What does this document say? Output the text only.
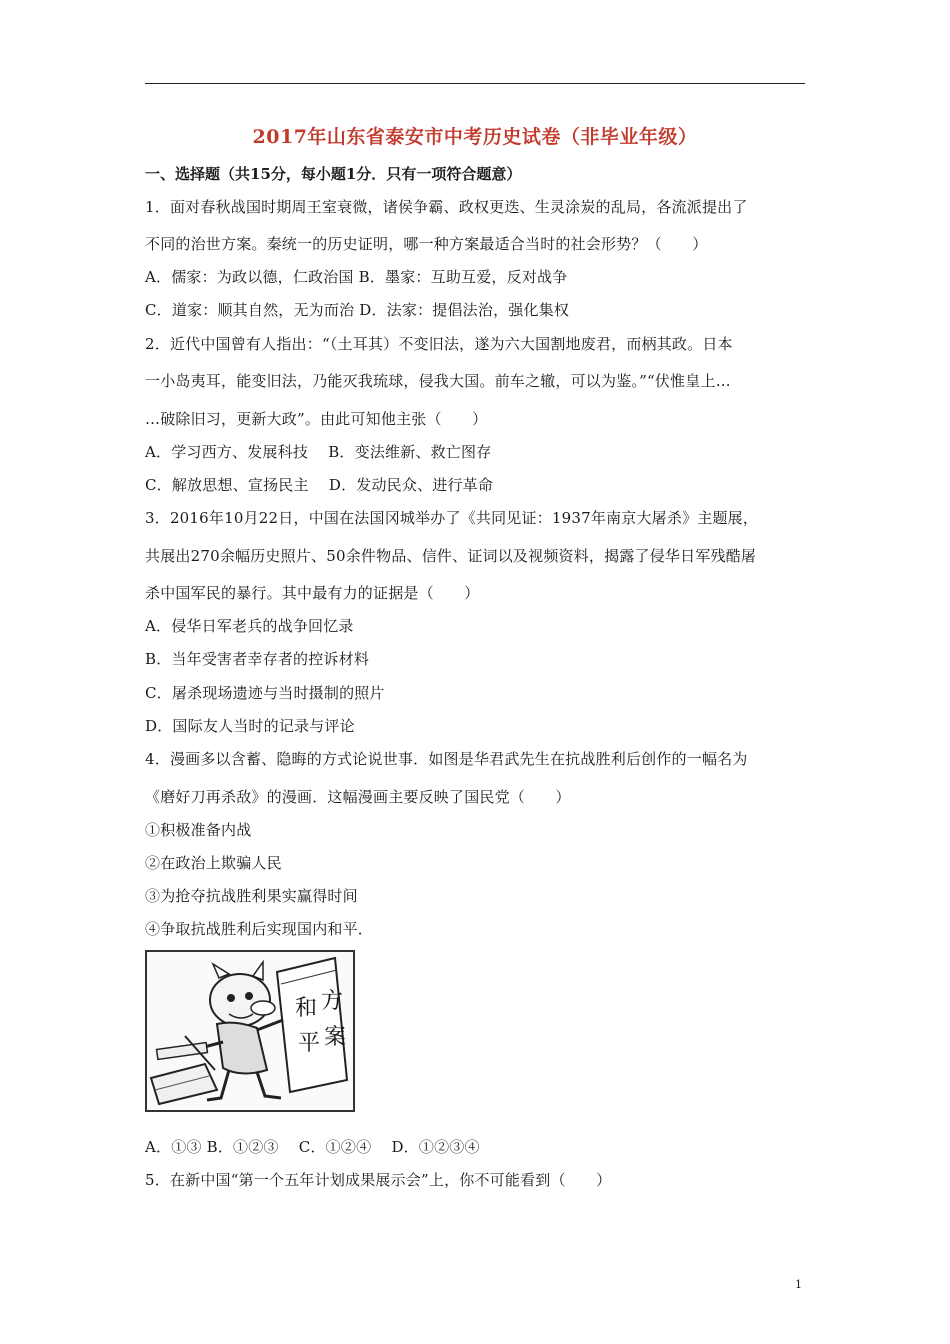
2017年山东省泰安市中考历史试卷（非毕业年级）
一、选择题（共15分，每小题1分．只有一项符合题意）
1．面对春秋战国时期周王室衰微，诸侯争霸、政权更迭、生灵涂炭的乱局，各流派提出了
不同的治世方案。秦统一的历史证明，哪一种方案最适合当时的社会形势？（　　）
A．儒家：为政以德，仁政治国 B．墨家：互助互爱，反对战争
C．道家：顺其自然，无为而治 D．法家：提倡法治，强化集权
2．近代中国曾有人指出：“（土耳其）不变旧法，遂为六大国割地废君，而柄其政。日本
一小岛夷耳，能变旧法，乃能灭我琉球，侵我大国。前车之辙，可以为鉴。”“伏惟皇上…
…破除旧习，更新大政”。由此可知他主张（　　）
A．学习西方、发展科技　 B．变法维新、救亡图存
C．解放思想、宣扬民主　 D．发动民众、进行革命
3．2016年10月22日，中国在法国冈城举办了《共同见证：1937年南京大屠杀》主题展，
共展出270余幅历史照片、50余件物品、信件、证词以及视频资料，揭露了侵华日军残酷屠
杀中国军民的暴行。其中最有力的证据是（　　）
A．侵华日军老兵的战争回忆录
B．当年受害者幸存者的控诉材料
C．屠杀现场遗迹与当时摄制的照片
D．国际友人当时的记录与评论
4．漫画多以含蓄、隐晦的方式论说世事．如图是华君武先生在抗战胜利后创作的一幅名为
《磨好刀再杀敌》的漫画．这幅漫画主要反映了国民党（　　）
①积极准备内战
②在政治上欺骗人民
③为抢夺抗战胜利果实赢得时间
④争取抗战胜利后实现国内和平．
和 方
平 案
A．①③ B．①②③　 C．①②④　 D．①②③④
5．在新中国“第一个五年计划成果展示会”上，你不可能看到（　　）
1
